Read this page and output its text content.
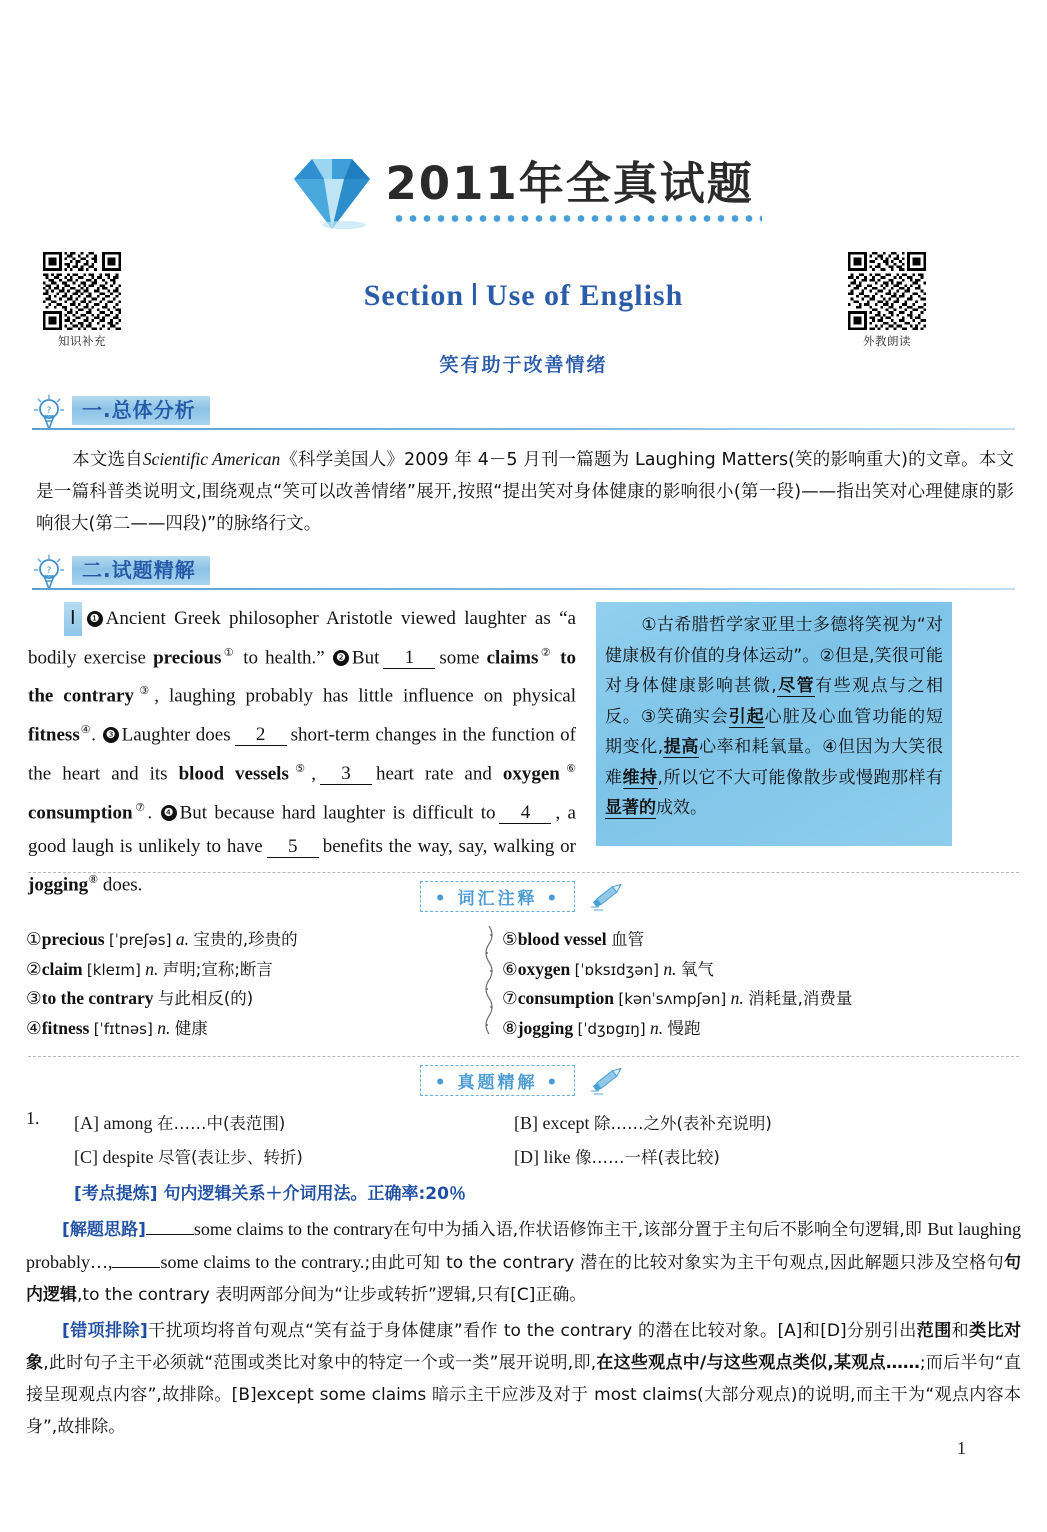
2011年全真试题
知识补充	外教朗读
Section Ⅰ Use of English
笑有助于改善情绪
?	一.总体分析
本文选自Scientific American《科学美国人》2009 年 4－5 月刊一篇题为 Laughing Matters(笑的影响重大)的文章。本文是一篇科普类说明文,围绕观点“笑可以改善情绪”展开,按照“提出笑对身体健康的影响很小(第一段)——指出笑对心理健康的影响很大(第二——四段)”的脉络行文。
?	二.试题精解
Ⅰ ❶ Ancient Greek philosopher Aristotle viewed laughter as “a bodily exercise precious① to health.” ❷ But 1 some claims② to the contrary③, laughing probably has little influence on physical fitness④. ❸ Laughter does 2 short-term changes in the function of the heart and its blood vessels⑤, 3 heart rate and oxygen⑥ consumption⑦. ❹ But because hard laughter is difficult to 4 , a good laugh is unlikely to have 5 benefits the way, say, walking or jogging⑧ does.
①古希腊哲学家亚里士多德将笑视为“对健康极有价值的身体运动”。②但是,笑很可能对身体健康影响甚微,尽管有些观点与之相反。③笑确实会引起心脏及心血管功能的短期变化,提高心率和耗氧量。④但因为大笑很难维持,所以它不大可能像散步或慢跑那样有显著的成效。
• 词汇注释 •
①precious [ˈpreʃəs] a. 宝贵的,珍贵的
②claim [kleɪm] n. 声明;宣称;断言
③to the contrary 与此相反(的)
④fitness [ˈfɪtnəs] n. 健康
⑤blood vessel 血管
⑥oxygen [ˈɒksɪdʒən] n. 氧气
⑦consumption [kənˈsʌmpʃən] n. 消耗量,消费量
⑧jogging [ˈdʒɒgɪŋ] n. 慢跑
• 真题精解 •
1. [A] among 在……中(表范围)	[B] except 除……之外(表补充说明)
[C] despite 尽管(表让步、转折)	[D] like 像……一样(表比较)
[考点提炼] 句内逻辑关系＋介词用法。正确率:20％
[解题思路]	some claims to the contrary在句中为插入语,作状语修饰主干,该部分置于主句后不影响全句逻辑,即 But laughing probably…,	some claims to the contrary.;由此可知 to the contrary 潜在的比较对象实为主干句观点,因此解题只涉及空格句句内逻辑,to the contrary 表明两部分间为“让步或转折”逻辑,只有[C]正确。
[错项排除]干扰项均将首句观点“笑有益于身体健康”看作 to the contrary 的潜在比较对象。[A]和[D]分别引出范围和类比对象,此时句子主干必须就“范围或类比对象中的特定一个或一类”展开说明,即,在这些观点中/与这些观点类似,某观点……;而后半句“直接呈现观点内容”,故排除。[B]except some claims 暗示主干应涉及对于 most claims(大部分观点)的说明,而主干为“观点内容本身”,故排除。
1
